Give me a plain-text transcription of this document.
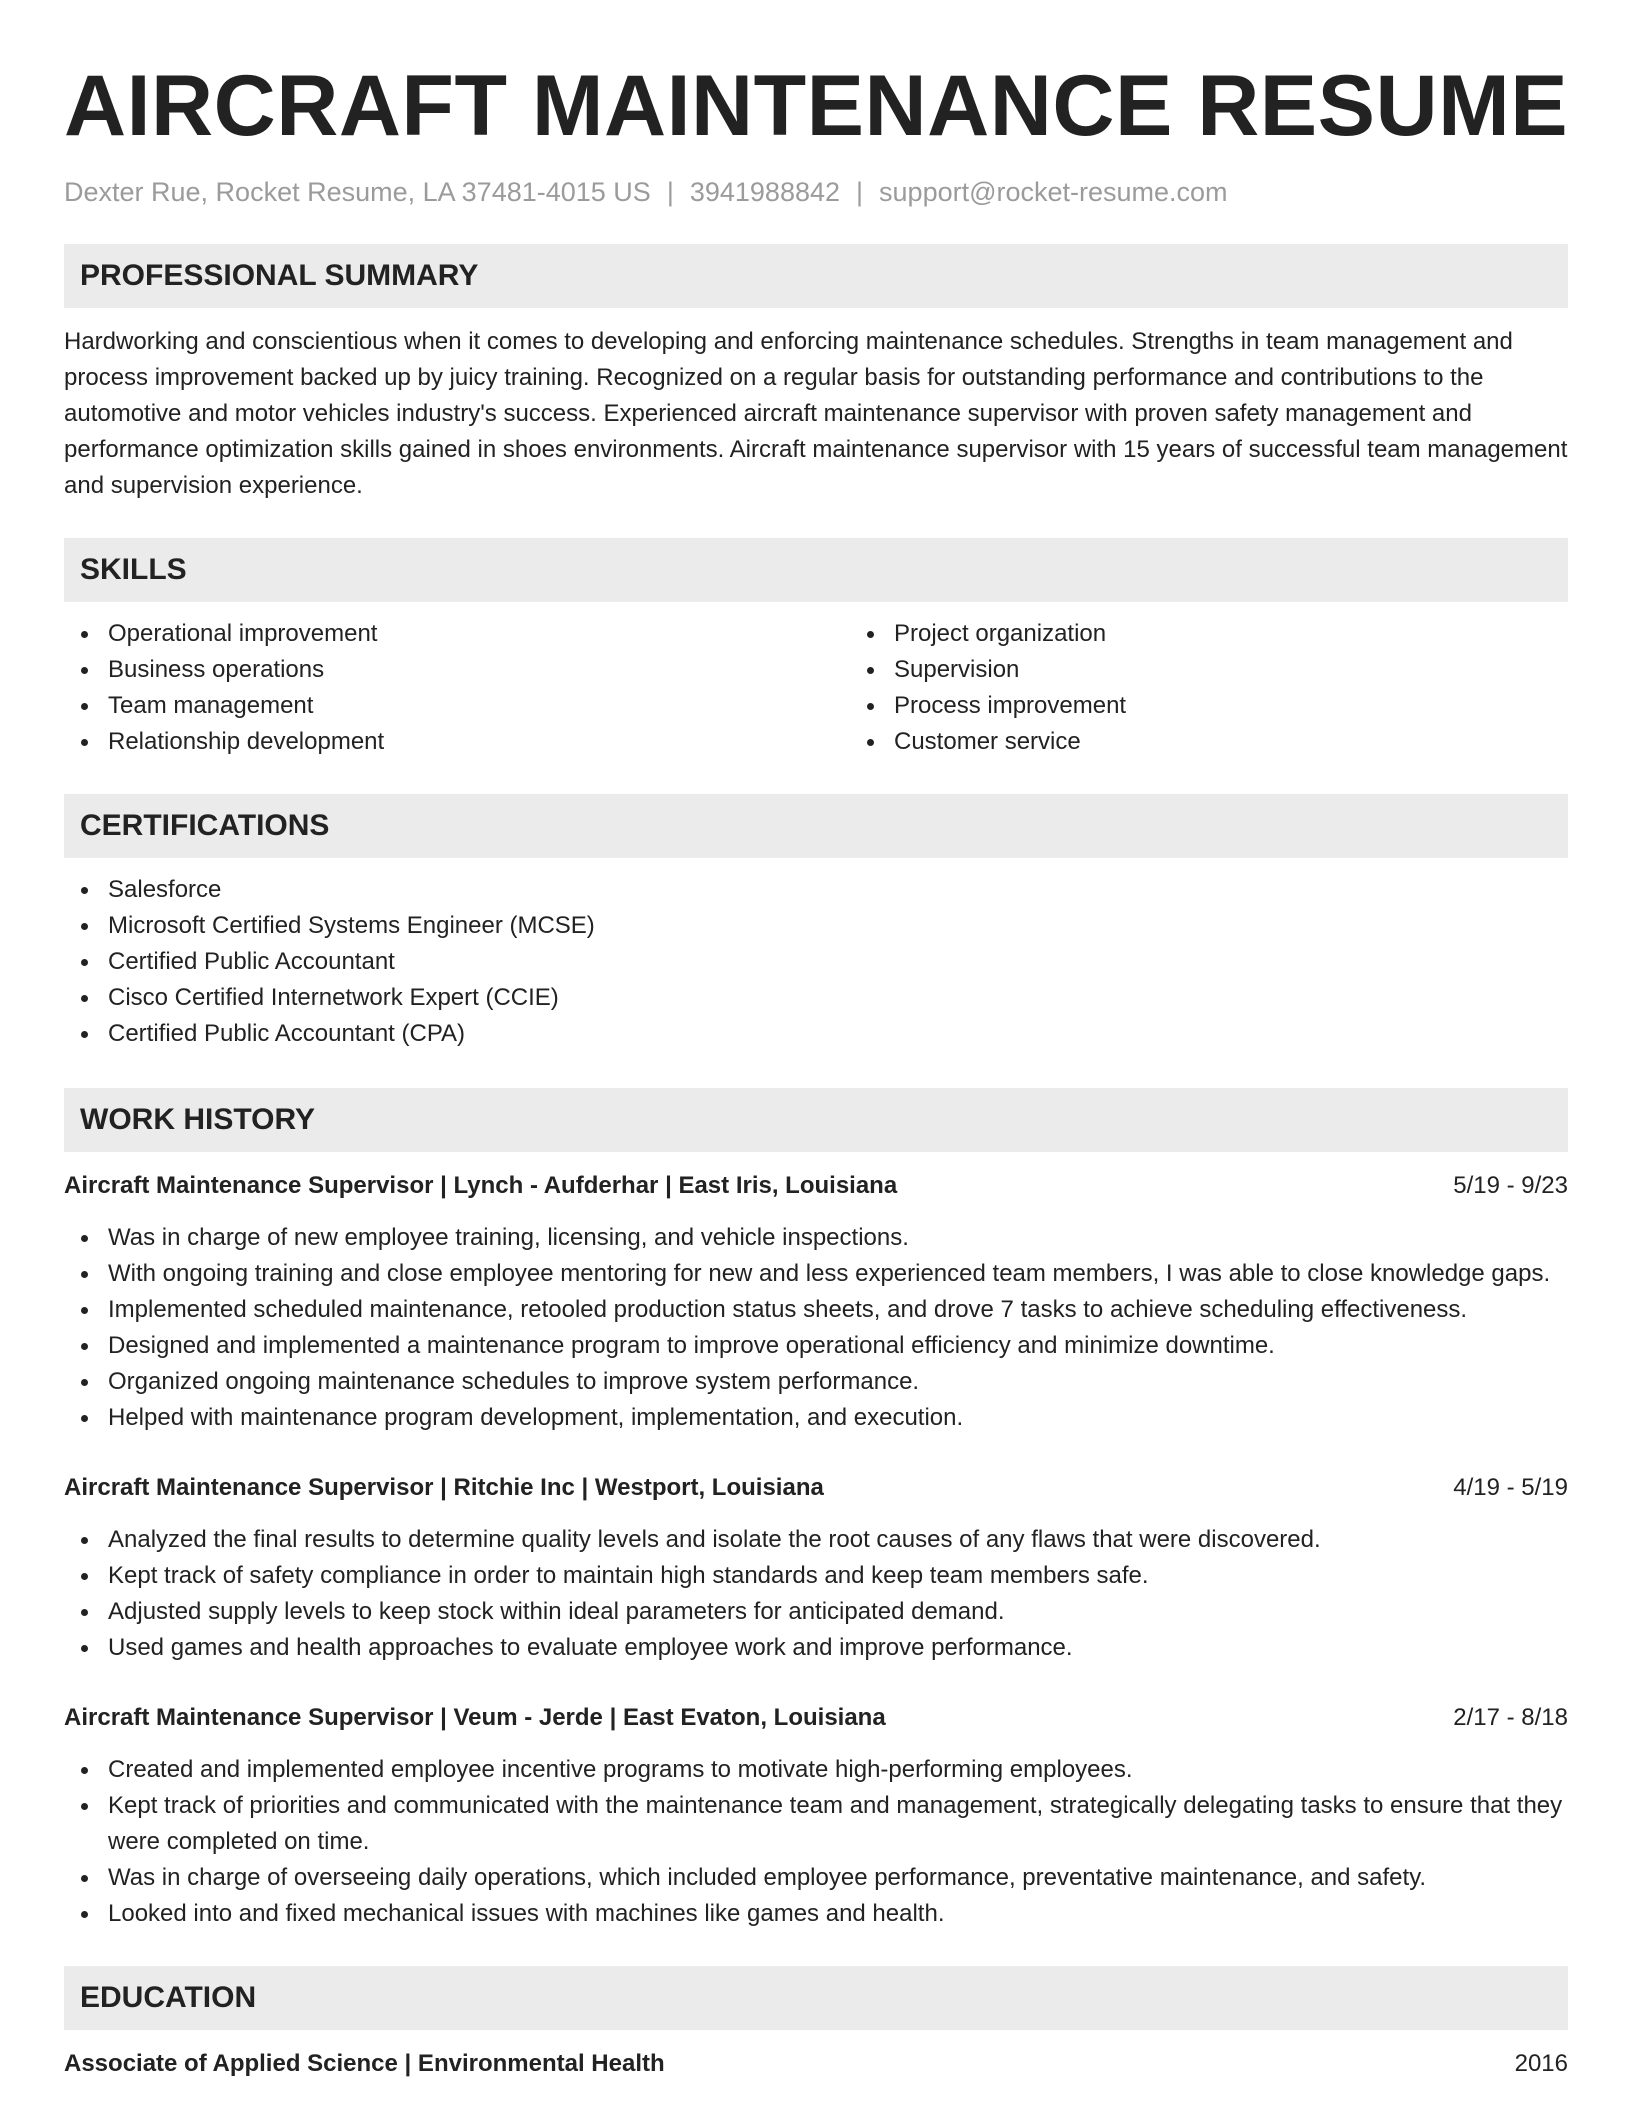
AIRCRAFT MAINTENANCE RESUME
Dexter Rue, Rocket Resume, LA 37481-4015 US | 3941988842 | support@rocket-resume.com
PROFESSIONAL SUMMARY

Hardworking and conscientious when it comes to developing and enforcing maintenance schedules. Strengths in team management and process improvement backed up by juicy training. Recognized on a regular basis for outstanding performance and contributions to the automotive and motor vehicles industry's success. Experienced aircraft maintenance supervisor with proven safety management and performance optimization skills gained in shoes environments. Aircraft maintenance supervisor with 15 years of successful team management and supervision experience.

SKILLS
Operational improvement
Business operations
Team management
Relationship development
Project organization
Supervision
Process improvement
Customer service
CERTIFICATIONS
Salesforce
Microsoft Certified Systems Engineer (MCSE)
Certified Public Accountant
Cisco Certified Internetwork Expert (CCIE)
Certified Public Accountant (CPA)
WORK HISTORY
Aircraft Maintenance Supervisor | Lynch - Aufderhar | East Iris, Louisiana	5/19 - 9/23
Was in charge of new employee training, licensing, and vehicle inspections.
With ongoing training and close employee mentoring for new and less experienced team members, I was able to close knowledge gaps.
Implemented scheduled maintenance, retooled production status sheets, and drove 7 tasks to achieve scheduling effectiveness.
Designed and implemented a maintenance program to improve operational efficiency and minimize downtime.
Organized ongoing maintenance schedules to improve system performance.
Helped with maintenance program development, implementation, and execution.
Aircraft Maintenance Supervisor | Ritchie Inc | Westport, Louisiana	4/19 - 5/19
Analyzed the final results to determine quality levels and isolate the root causes of any flaws that were discovered.
Kept track of safety compliance in order to maintain high standards and keep team members safe.
Adjusted supply levels to keep stock within ideal parameters for anticipated demand.
Used games and health approaches to evaluate employee work and improve performance.
Aircraft Maintenance Supervisor | Veum - Jerde | East Evaton, Louisiana	2/17 - 8/18
Created and implemented employee incentive programs to motivate high-performing employees.
Kept track of priorities and communicated with the maintenance team and management, strategically delegating tasks to ensure that they were completed on time.
Was in charge of overseeing daily operations, which included employee performance, preventative maintenance, and safety.
Looked into and fixed mechanical issues with machines like games and health.
EDUCATION
Associate of Applied Science | Environmental Health	2016
